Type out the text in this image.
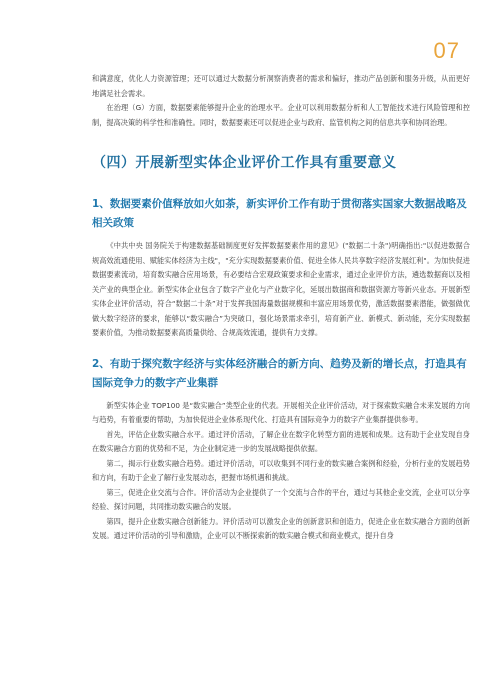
07

和满意度，优化人力资源管理；还可以通过大数据分析洞察消费者的需求和偏好，推动产品创新和服务升级，从而更好地满足社会需求。

在治理（G）方面，数据要素能够提升企业的治理水平。企业可以利用数据分析和人工智能技术进行风险管理和控制，提高决策的科学性和准确性。同时，数据要素还可以促进企业与政府、监管机构之间的信息共享和协同治理。

（四）开展新型实体企业评价工作具有重要意义
1、数据要素价值释放如火如荼，新实评价工作有助于贯彻落实国家大数据战略及相关政策

《中共中央 国务院关于构建数据基础制度更好发挥数据要素作用的意见》("数据二十条")明确指出:"以促进数据合规高效流通使用、赋能实体经济为主线"，"充分实现数据要素价值、促进全体人民共享数字经济发展红利"。为加快促进数据要素流动，培育数实融合应用场景，有必要结合宏观政策要求和企业需求，通过企业评价方法，遴选数据商以及相关产业的典型企业。新型实体企业包含了数字产业化与产业数字化，延展出数据商和数据资源方等新兴业态。开展新型实体企业评价活动，符合“数据二十条”对于发挥我国海量数据规模和丰富应用场景优势，激活数据要素潜能，做强做优做大数字经济的要求，能够以“数实融合”为突破口，强化场景需求牵引，培育新产业、新模式、新动能，充分实现数据要素价值，为推动数据要素高质量供给、合规高效流通，提供有力支撑。

2、有助于探究数字经济与实体经济融合的新方向、趋势及新的增长点，打造具有国际竞争力的数字产业集群

新型实体企业 TOP100 是“数实融合”类型企业的代表。开展相关企业评价活动，对于探索数实融合未来发展的方向与趋势，有着重要的帮助，为加快促进企业体系现代化、打造具有国际竞争力的数字产业集群提供参考。

首先，评估企业数实融合水平。通过评价活动，了解企业在数字化转型方面的进展和成果。这有助于企业发现自身在数实融合方面的优势和不足，为企业制定进一步的发展战略提供依据。

第二，揭示行业数实融合趋势。通过评价活动，可以收集到不同行业的数实融合案例和经验，分析行业的发展趋势和方向，有助于企业了解行业发展动态，把握市场机遇和挑战。

第三，促进企业交流与合作。评价活动为企业提供了一个交流与合作的平台，通过与其他企业交流，企业可以分享经验、探讨问题，共同推动数实融合的发展。

第四，提升企业数实融合创新能力。评价活动可以激发企业的创新意识和创造力，促进企业在数实融合方面的创新发展。通过评价活动的引导和激励，企业可以不断探索新的数实融合模式和商业模式，提升自身
